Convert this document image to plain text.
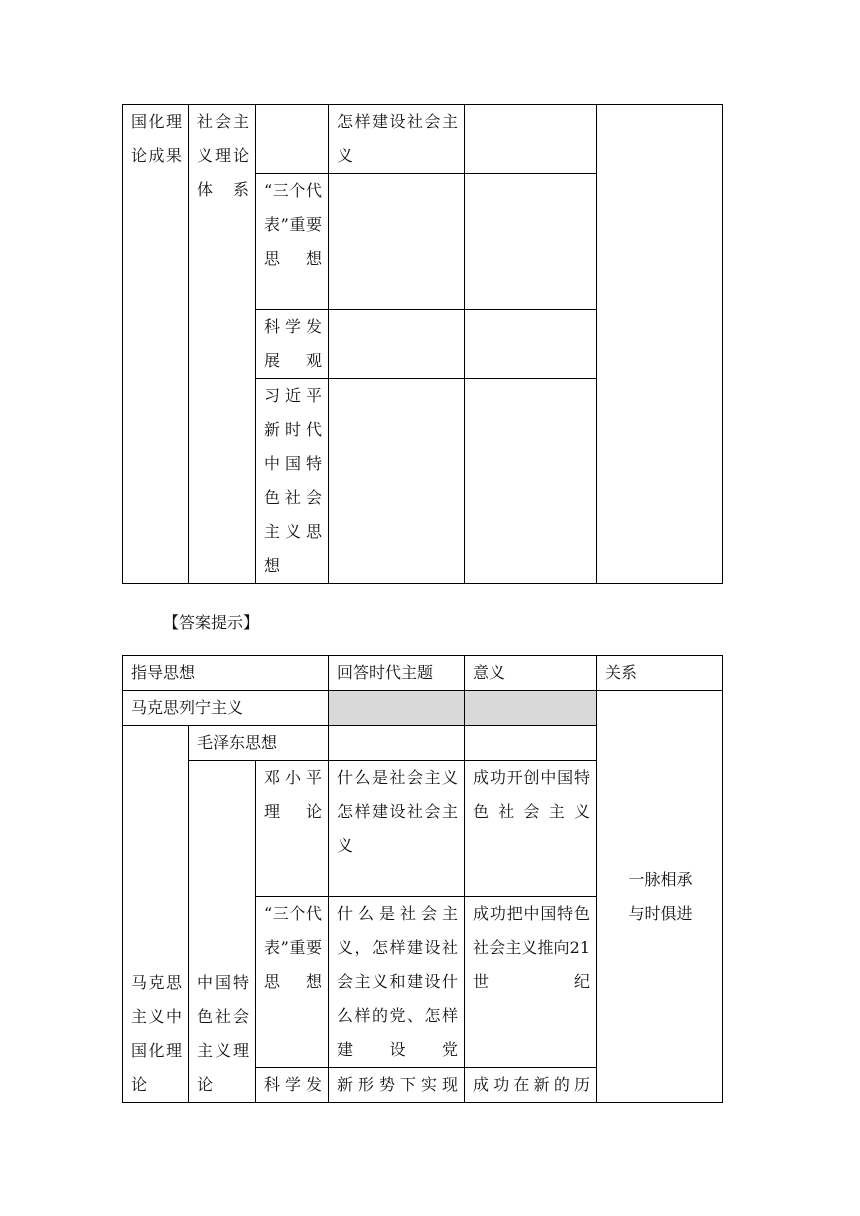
国化理论成果	社会主义理论体系		怎样建设社会主义		

		“三个代表”重要思想			

		科学发展观			

		习近平新时代中国特色社会主义思想			

【答案提示】
指导思想			回答时代主题	意义	关系
马克思列宁主义					一脉相承
与时俱进

马克思主义中国化理论	毛泽东思想				

	中国特色社会主义理论	邓小平理论	什么是社会主义
怎样建设社会主义	成功开创中国特色社会主义	

		“三个代表”重要思想	什么是社会主义，怎样建设社会主义和建设什么样的党、怎样建设党	成功把中国特色社会主义推向21世纪	

		科学发	新形势下实现	成功在新的历	
